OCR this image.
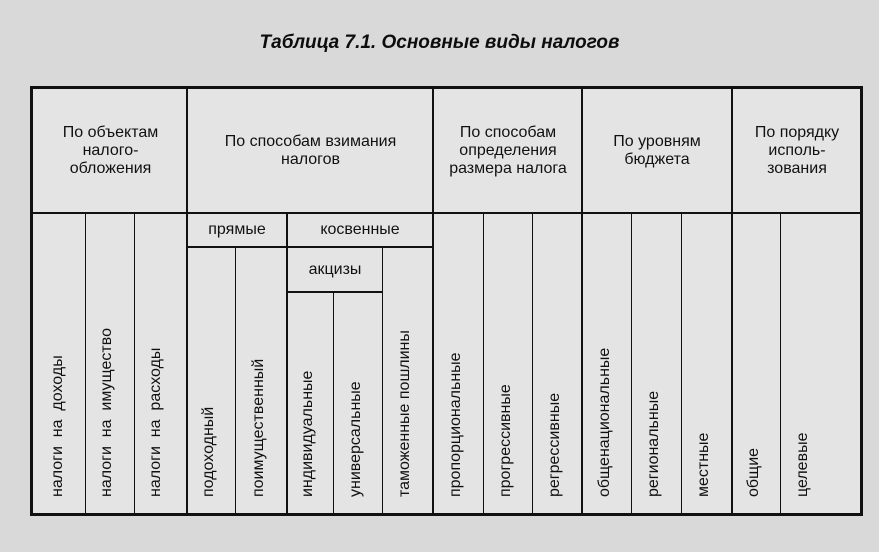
Таблица 7.1. Основные виды налогов
По объектам налого-обложения
По способам взимания налогов
По способам определения размера налога
По уровням бюджета
По порядку исполь-зования
прямые	косвенные
акцизы
налоги  на  доходы налоги  на  имущество налоги  на  расходы подоходный поимущественный индивидуальные универсальные таможенные пошлины пропорциональные прогрессивные регрессивные общенациональные региональные местные общие целевые
